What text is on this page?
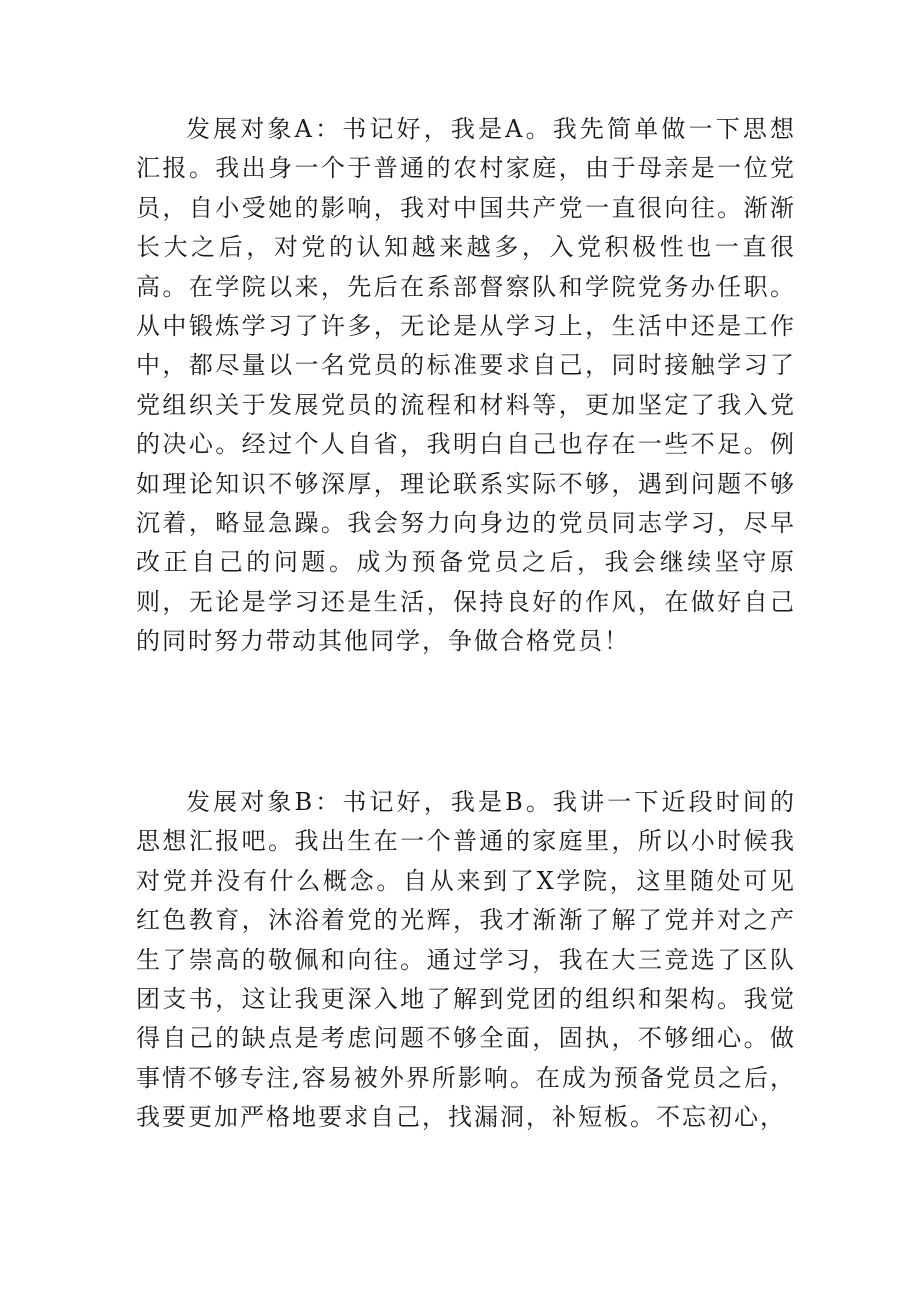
发展对象A：书记好，我是A。我先简单做一下思想汇报。我出身一个于普通的农村家庭，由于母亲是一位党员，自小受她的影响，我对中国共产党一直很向往。渐渐长大之后，对党的认知越来越多，入党积极性也一直很高。在学院以来，先后在系部督察队和学院党务办任职。从中锻炼学习了许多，无论是从学习上，生活中还是工作中，都尽量以一名党员的标准要求自己，同时接触学习了党组织关于发展党员的流程和材料等，更加坚定了我入党的决心。经过个人自省，我明白自己也存在一些不足。例如理论知识不够深厚，理论联系实际不够，遇到问题不够沉着，略显急躁。我会努力向身边的党员同志学习，尽早改正自己的问题。成为预备党员之后，我会继续坚守原则，无论是学习还是生活，保持良好的作风，在做好自己的同时努力带动其他同学，争做合格党员！

发展对象B：书记好，我是B。我讲一下近段时间的思想汇报吧。我出生在一个普通的家庭里，所以小时候我对党并没有什么概念。自从来到了X学院，这里随处可见红色教育，沐浴着党的光辉，我才渐渐了解了党并对之产生了崇高的敬佩和向往。通过学习，我在大三竞选了区队团支书，这让我更深入地了解到党团的组织和架构。我觉得自己的缺点是考虑问题不够全面，固执，不够细心。做事情不够专注,容易被外界所影响。在成为预备党员之后，我要更加严格地要求自己，找漏洞，补短板。不忘初心，
